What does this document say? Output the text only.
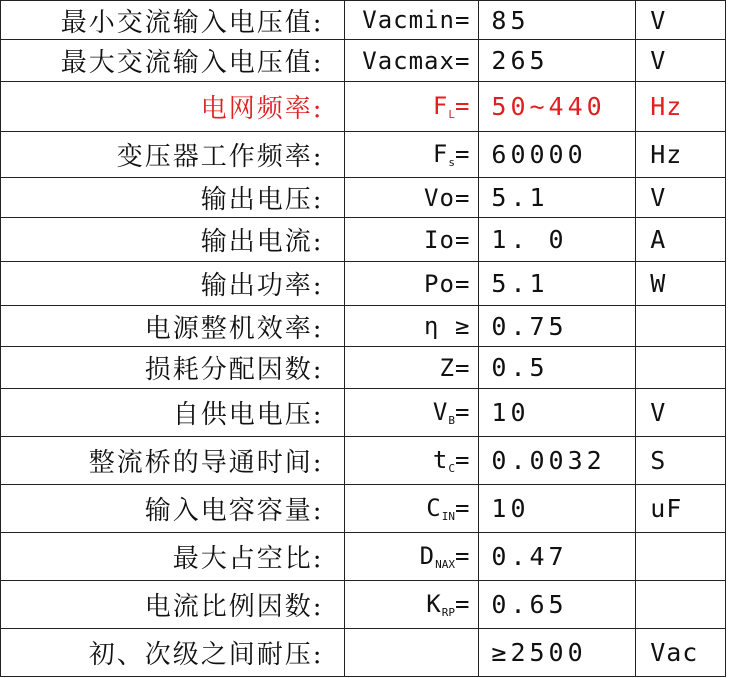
最小交流输入电压值:	Vacmin=	85	V	
最大交流输入电压值:	Vacmax=	265	V	
电网频率:	$F_L=$	50~440	Hz	
变压器工作频率:	$F_s=$	60000	Hz	
输出电压:	Vo=	5.1	V	
输出电流:	Io=	1. 0	A	
输出功率:	Po=	5.1	W	
电源整机效率:	η ≥	0.75		
损耗分配因数:	Z=	0.5		
自供电电压:	$V_B=$	10	V	
整流桥的导通时间:	$t_C=$	0.0032	S	
输入电容容量:	$C_{IN}=$	10	uF	
最大占空比:	$D_{NAX}=$	0.47		
电流比例因数:	$K_{RP}=$	0.65		
初、次级之间耐压:		≥2500	Vac	
